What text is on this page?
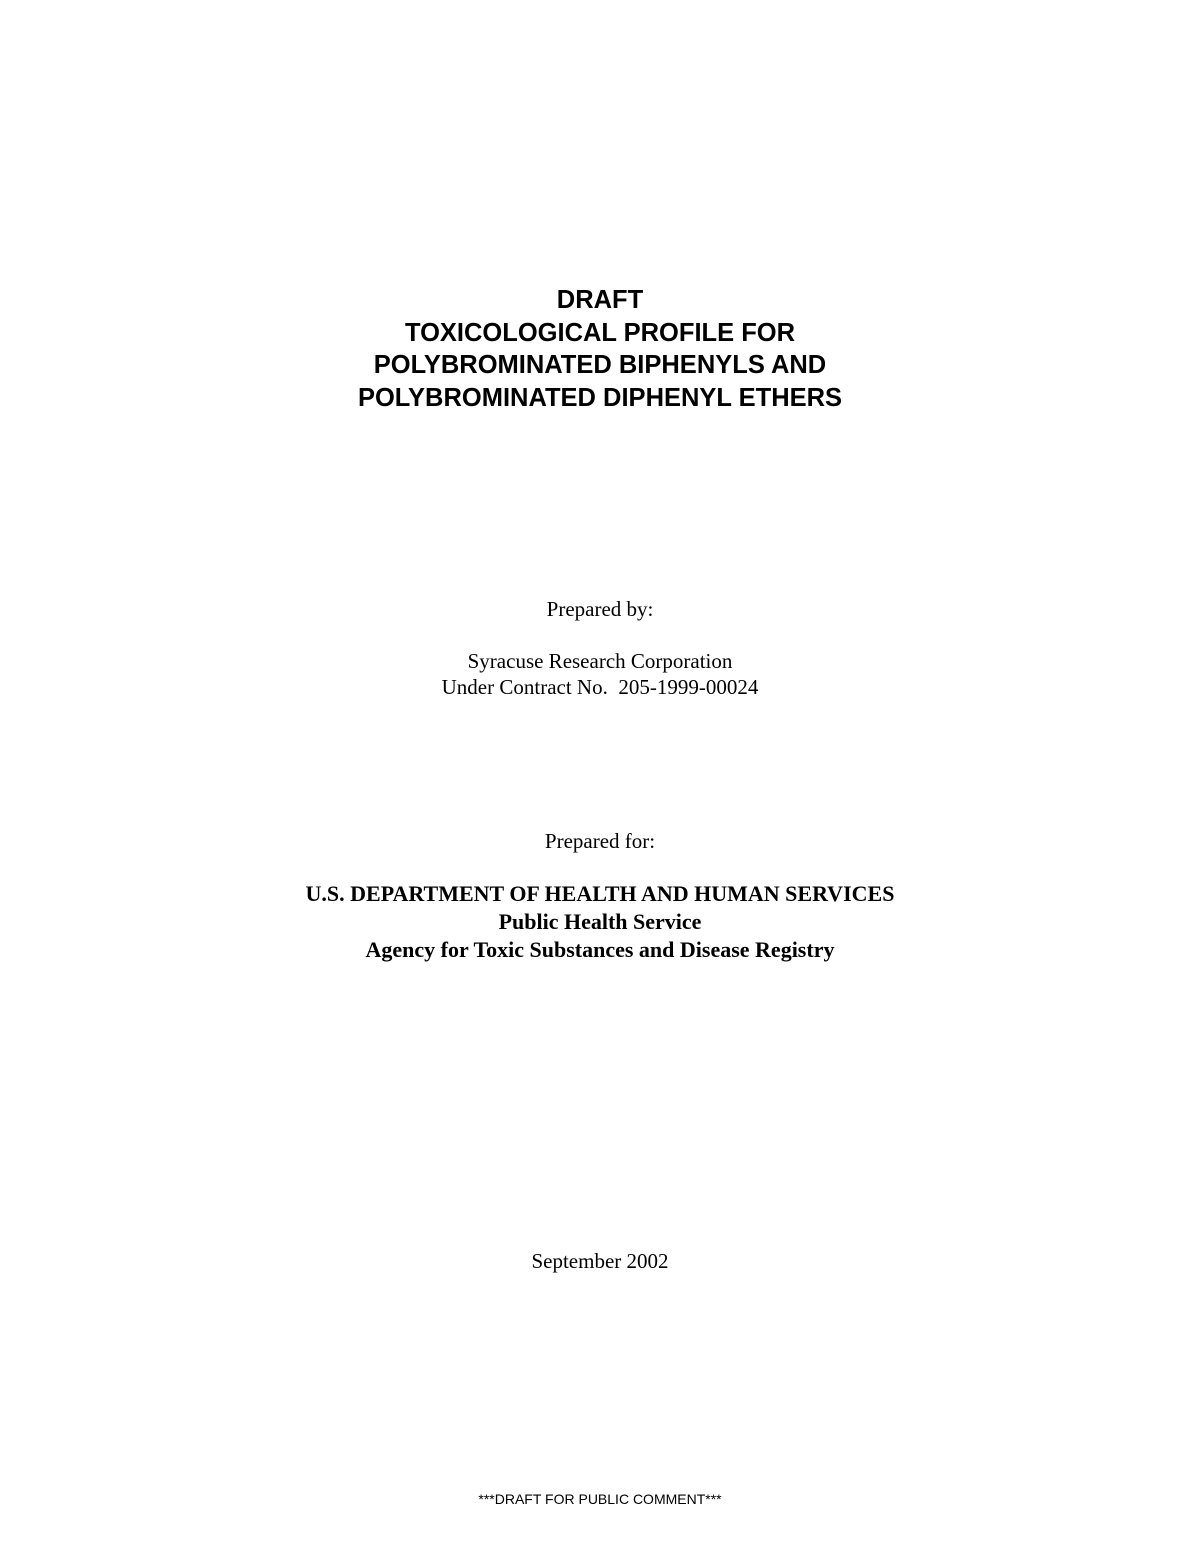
DRAFT
TOXICOLOGICAL PROFILE FOR
POLYBROMINATED BIPHENYLS AND
POLYBROMINATED DIPHENYL ETHERS
Prepared by:
Syracuse Research Corporation
Under Contract No.  205-1999-00024
Prepared for:
U.S. DEPARTMENT OF HEALTH AND HUMAN SERVICES
Public Health Service
Agency for Toxic Substances and Disease Registry
September 2002
***DRAFT FOR PUBLIC COMMENT***
